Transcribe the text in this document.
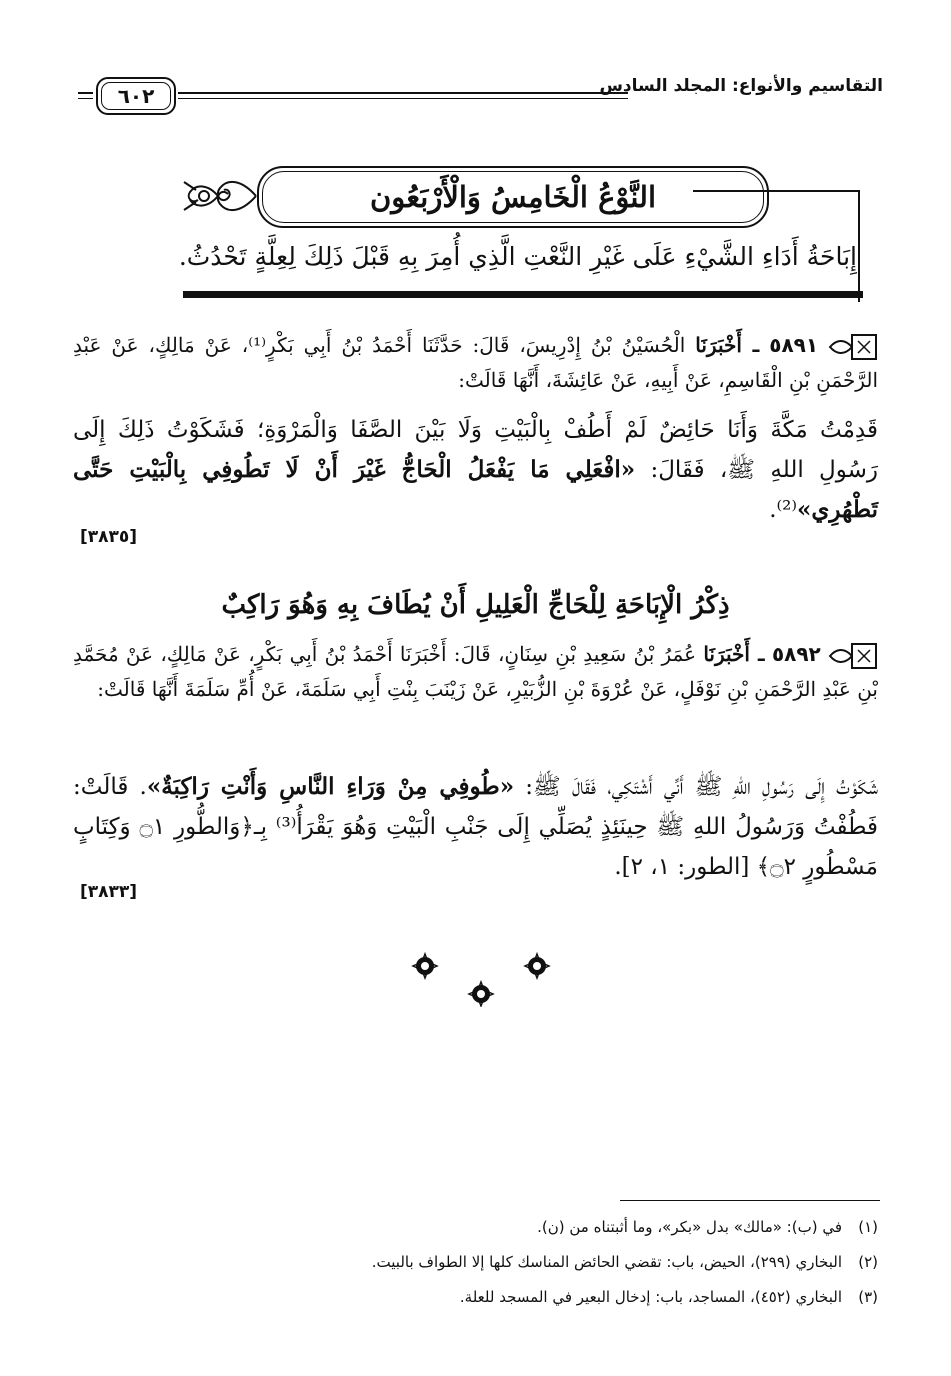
٦٠٢	التقاسيم والأنواع: المجلد السادس
النَّوْعُ الْخَامِسُ وَالْأَرْبَعُون
إِبَاحَةُ أَدَاءِ الشَّيْءِ عَلَى غَيْرِ النَّعْتِ الَّذِي أُمِرَ بِهِ قَبْلَ ذَلِكَ لِعِلَّةٍ تَحْدُثُ.
٥٨٩١ ـ أَخْبَرَنَا الْحُسَيْنُ بْنُ إِدْرِيسَ، قَالَ: حَدَّثَنَا أَحْمَدُ بْنُ أَبِي بَكْرٍ⁽¹⁾، عَنْ مَالِكٍ، عَنْ عَبْدِ الرَّحْمَنِ بْنِ الْقَاسِمِ، عَنْ أَبِيهِ، عَنْ عَائِشَةَ، أَنَّهَا قَالَتْ:
قَدِمْتُ مَكَّةَ وَأَنَا حَائِضٌ لَمْ أَطُفْ بِالْبَيْتِ وَلَا بَيْنَ الصَّفَا وَالْمَرْوَةِ؛ فَشَكَوْتُ ذَلِكَ إِلَى رَسُولِ اللهِ ﷺ، فَقَالَ: «افْعَلِي مَا يَفْعَلُ الْحَاجُّ غَيْرَ أَنْ لَا تَطُوفِي بِالْبَيْتِ حَتَّى تَطْهُرِي»⁽²⁾.
[٣٨٣٥]
ذِكْرُ الْإِبَاحَةِ لِلْحَاجِّ الْعَلِيلِ أَنْ يُطَافَ بِهِ وَهُوَ رَاكِبٌ
٥٨٩٢ ـ أَخْبَرَنَا عُمَرُ بْنُ سَعِيدِ بْنِ سِنَانٍ، قَالَ: أَخْبَرَنَا أَحْمَدُ بْنُ أَبِي بَكْرٍ، عَنْ مَالِكٍ، عَنْ مُحَمَّدِ بْنِ عَبْدِ الرَّحْمَنِ بْنِ نَوْفَلٍ، عَنْ عُرْوَةَ بْنِ الزُّبَيْرِ، عَنْ زَيْنَبَ بِنْتِ أَبِي سَلَمَةَ، عَنْ أُمِّ سَلَمَةَ أَنَّهَا قَالَتْ:
شَكَوْتُ إِلَى رَسُولِ اللهِ ﷺ أَنِّي أَشْتَكِي، فَقَالَ ﷺ: «طُوفِي مِنْ وَرَاءِ النَّاسِ وَأَنْتِ رَاكِبَةٌ». قَالَتْ: فَطُفْتُ وَرَسُولُ اللهِ ﷺ حِينَئِذٍ يُصَلِّي إِلَى جَنْبِ الْبَيْتِ وَهُوَ يَقْرَأُ⁽³⁾ بِـ﴿وَالطُّورِ ۝١ وَكِتَابٍ مَسْطُورٍ ۝٢﴾ [الطور: ١، ٢].
[٣٨٣٣]
(١)في (ب): «مالك» بدل «بكر»، وما أثبتناه من (ن).
(٢)البخاري (٢٩٩)، الحيض، باب: تقضي الحائض المناسك كلها إلا الطواف بالبيت.
(٣)البخاري (٤٥٢)، المساجد، باب: إدخال البعير في المسجد للعلة.
